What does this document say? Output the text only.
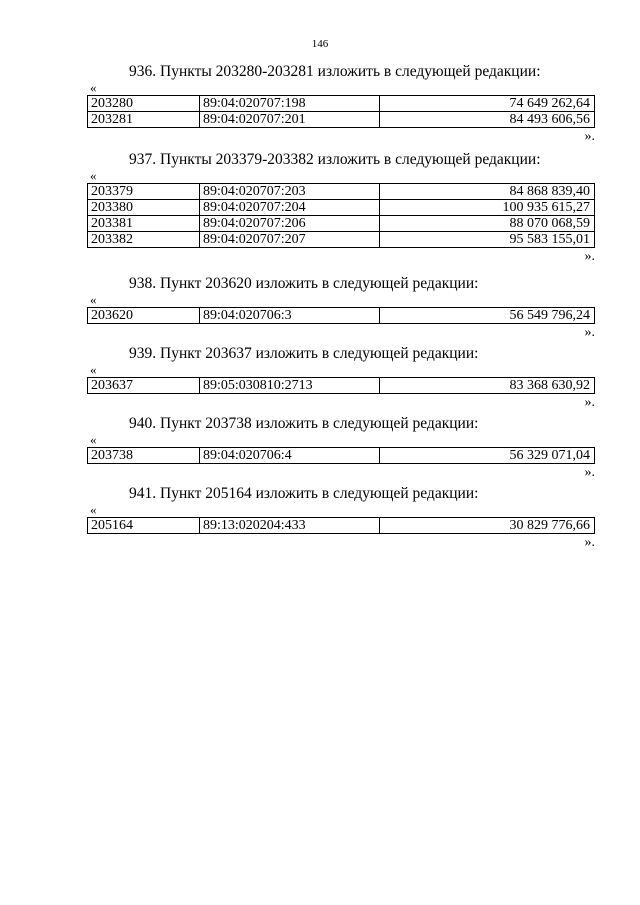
146

936. Пункты 203280-203281 изложить в следующей редакции:

«
203280	89:04:020707:198	74 649 262,64
203281	89:04:020707:201	84 493 606,56
».

937. Пункты 203379-203382 изложить в следующей редакции:

«
203379	89:04:020707:203	84 868 839,40
203380	89:04:020707:204	100 935 615,27
203381	89:04:020707:206	88 070 068,59
203382	89:04:020707:207	95 583 155,01
».

938. Пункт 203620 изложить в следующей редакции:

«
203620	89:04:020706:3	56 549 796,24
».

939. Пункт 203637 изложить в следующей редакции:

«
203637	89:05:030810:2713	83 368 630,92
».

940. Пункт 203738 изложить в следующей редакции:

«
203738	89:04:020706:4	56 329 071,04
».

941. Пункт 205164 изложить в следующей редакции:

«
205164	89:13:020204:433	30 829 776,66
».
